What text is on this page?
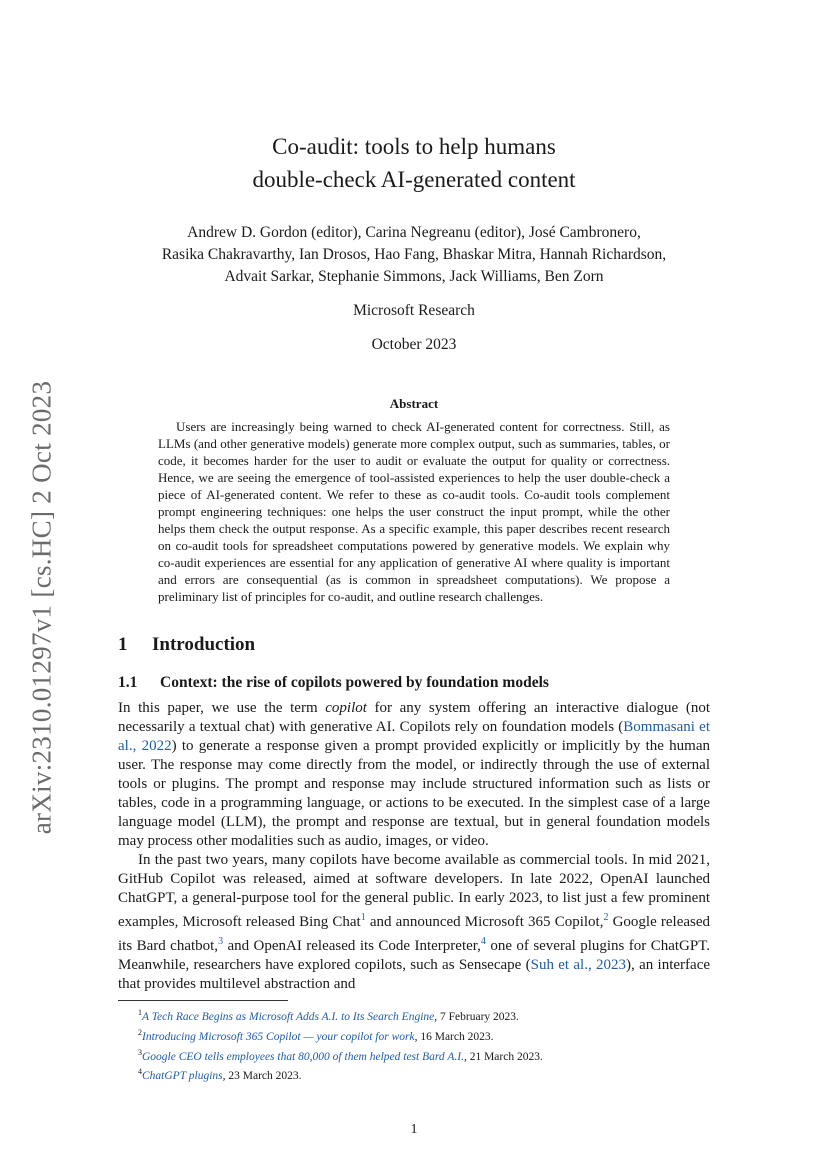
arXiv:2310.01297v1 [cs.HC] 2 Oct 2023
Co-audit: tools to help humans
double-check AI-generated content
Andrew D. Gordon (editor), Carina Negreanu (editor), José Cambronero,
Rasika Chakravarthy, Ian Drosos, Hao Fang, Bhaskar Mitra, Hannah Richardson,
Advait Sarkar, Stephanie Simmons, Jack Williams, Ben Zorn
Microsoft Research
October 2023
Abstract

Users are increasingly being warned to check AI-generated content for correctness. Still, as LLMs (and other generative models) generate more complex output, such as summaries, tables, or code, it becomes harder for the user to audit or evaluate the output for quality or correctness. Hence, we are seeing the emergence of tool-assisted experiences to help the user double-check a piece of AI-generated content. We refer to these as co-audit tools. Co-audit tools complement prompt engineering techniques: one helps the user construct the input prompt, while the other helps them check the output response. As a specific example, this paper describes recent research on co-audit tools for spreadsheet computations powered by generative models. We explain why co-audit experiences are essential for any application of generative AI where quality is important and errors are consequential (as is common in spreadsheet computations). We propose a preliminary list of principles for co-audit, and outline research challenges.

1 Introduction
1.1 Context: the rise of copilots powered by foundation models

In this paper, we use the term copilot for any system offering an interactive dialogue (not necessarily a textual chat) with generative AI. Copilots rely on foundation models (Bommasani et al., 2022) to generate a response given a prompt provided explicitly or implicitly by the human user. The response may come directly from the model, or indirectly through the use of external tools or plugins. The prompt and response may include structured information such as lists or tables, code in a programming language, or actions to be executed. In the simplest case of a large language model (LLM), the prompt and response are textual, but in general foundation models may process other modalities such as audio, images, or video.

In the past two years, many copilots have become available as commercial tools. In mid 2021, GitHub Copilot was released, aimed at software developers. In late 2022, OpenAI launched ChatGPT, a general-purpose tool for the general public. In early 2023, to list just a few prominent examples, Microsoft released Bing Chat$^1$ and announced Microsoft 365 Copilot,$^2$ Google released its Bard chatbot,$^3$ and OpenAI released its Code Interpreter,$^4$ one of several plugins for ChatGPT. Meanwhile, researchers have explored copilots, such as Sensecape (Suh et al., 2023), an interface that provides multilevel abstraction and

$^1$A Tech Race Begins as Microsoft Adds A.I. to Its Search Engine, 7 February 2023.
$^2$Introducing Microsoft 365 Copilot — your copilot for work, 16 March 2023.
$^3$Google CEO tells employees that 80,000 of them helped test Bard A.I., 21 March 2023.
$^4$ChatGPT plugins, 23 March 2023.
1
